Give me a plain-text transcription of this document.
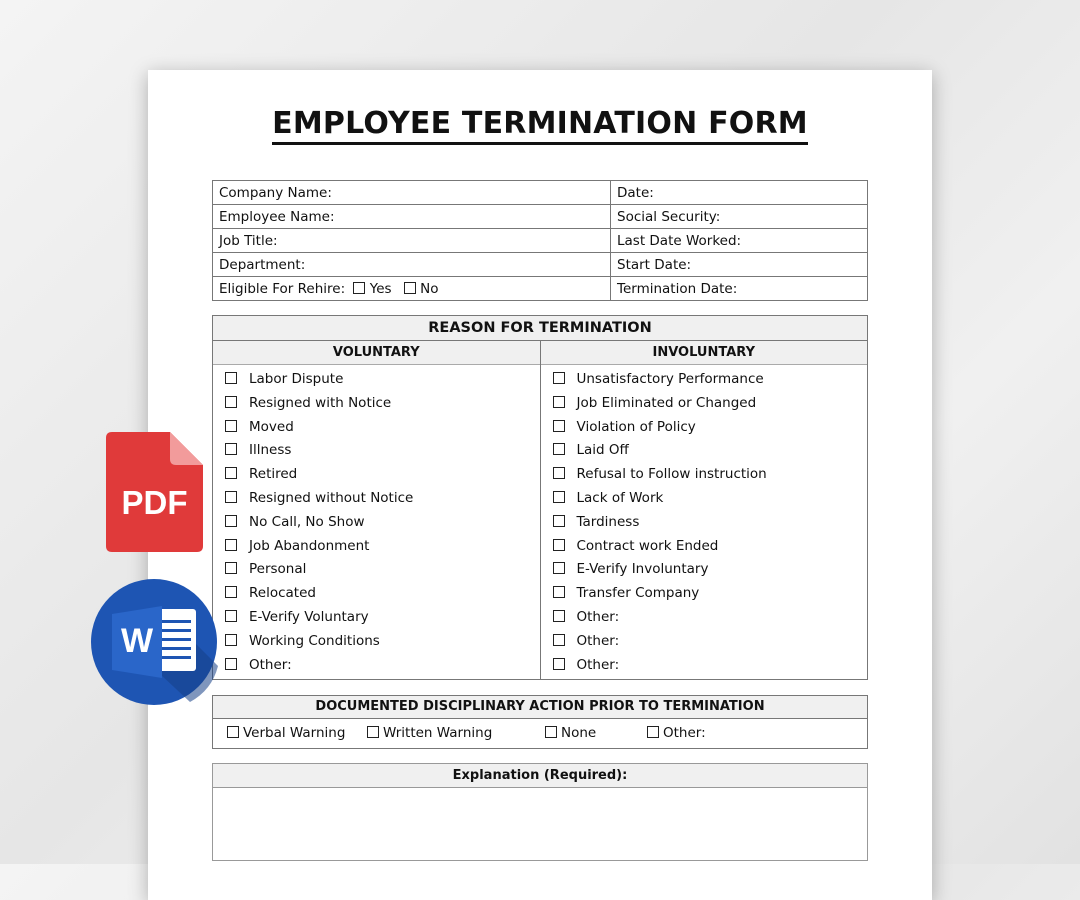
EMPLOYEE TERMINATION FORM
Company Name:	Date:
Employee Name:	Social Security:
Job Title:	Last Date Worked:
Department:	Start Date:
Eligible For Rehire: Yes No	Termination Date:
REASON FOR TERMINATION
VOLUNTARY
Labor Dispute
Resigned with Notice
Moved
Illness
Retired
Resigned without Notice
No Call, No Show
Job Abandonment
Personal
Relocated
E-Verify Voluntary
Working Conditions
Other:
INVOLUNTARY
Unsatisfactory Performance
Job Eliminated or Changed
Violation of Policy
Laid Off
Refusal to Follow instruction
Lack of Work
Tardiness
Contract work Ended
E-Verify Involuntary
Transfer Company
Other:
Other:
Other:
DOCUMENTED DISCIPLINARY ACTION PRIOR TO TERMINATION
Verbal Warning	Written Warning	None	Other:
Explanation (Required):
PDF
W
